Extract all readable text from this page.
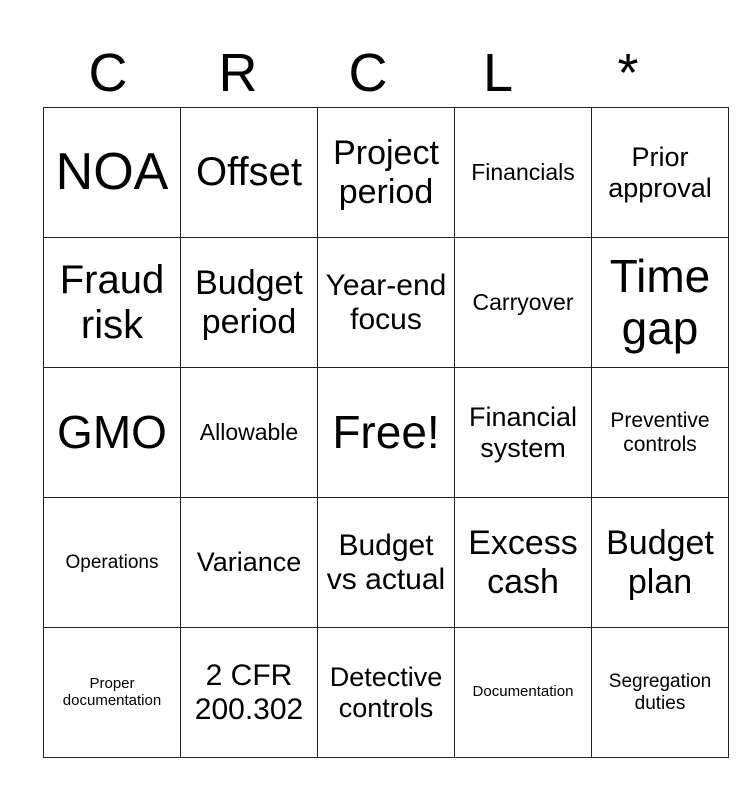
C	R	C	L	*
NOA	Offset	Project period	Financials	Prior approval
Fraud risk	Budget period	Year-end focus	Carryover	Time gap
GMO	Allowable	Free!	Financial system	Preventive controls
Operations	Variance	Budget vs actual	Excess cash	Budget plan
Proper documentation	2 CFR 200.302	Detective controls	Documentation	Segregation duties
